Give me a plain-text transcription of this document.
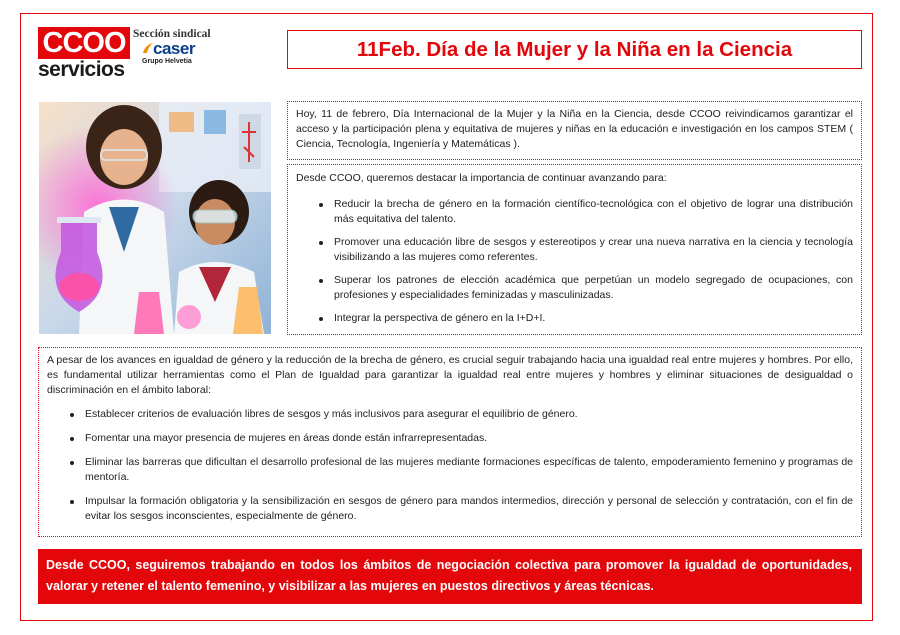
CCOO
servicios
Sección sindical
caser
Grupo Helvetia
11Feb. Día de la Mujer y la Niña en la Ciencia

Hoy, 11 de febrero, Día Internacional de la Mujer y la Niña en la Ciencia, desde CCOO reivindicamos garantizar el acceso y la participación plena y equitativa de mujeres y niñas en la educación e investigación en los campos STEM ( Ciencia, Tecnología, Ingeniería y Matemáticas ).

Desde CCOO, queremos destacar la importancia de continuar avanzando para:

Reducir la brecha de género en la formación científico-tecnológica con el objetivo de lograr una distribución más equitativa del talento.
Promover una educación libre de sesgos y estereotipos y crear una nueva narrativa en la ciencia y tecnología visibilizando a las mujeres como referentes.
Superar los patrones de elección académica que perpetúan un modelo segregado de ocupaciones, con profesiones y especialidades feminizadas y masculinizadas.
Integrar la perspectiva de género en la I+D+I.

A pesar de los avances en igualdad de género y la reducción de la brecha de género, es crucial seguir trabajando hacia una igualdad real entre mujeres y hombres. Por ello, es fundamental utilizar herramientas como el Plan de Igualdad para garantizar la igualdad real entre mujeres y hombres y eliminar situaciones de desigualdad o discriminación en el ámbito laboral:

Establecer criterios de evaluación libres de sesgos y más inclusivos para asegurar el equilibrio de género.
Fomentar una mayor presencia de mujeres en áreas donde están infrarrepresentadas.
Eliminar las barreras que dificultan el desarrollo profesional de las mujeres mediante formaciones específicas de talento, empoderamiento femenino y programas de mentoría.
Impulsar la formación obligatoria y la sensibilización en sesgos de género para mandos intermedios, dirección y personal de selección y contratación, con el fin de evitar los sesgos inconscientes, especialmente de género.

Desde CCOO, seguiremos trabajando en todos los ámbitos de negociación colectiva para promover la igualdad de oportunidades, valorar y retener el talento femenino, y visibilizar a las mujeres en puestos directivos y áreas técnicas.
